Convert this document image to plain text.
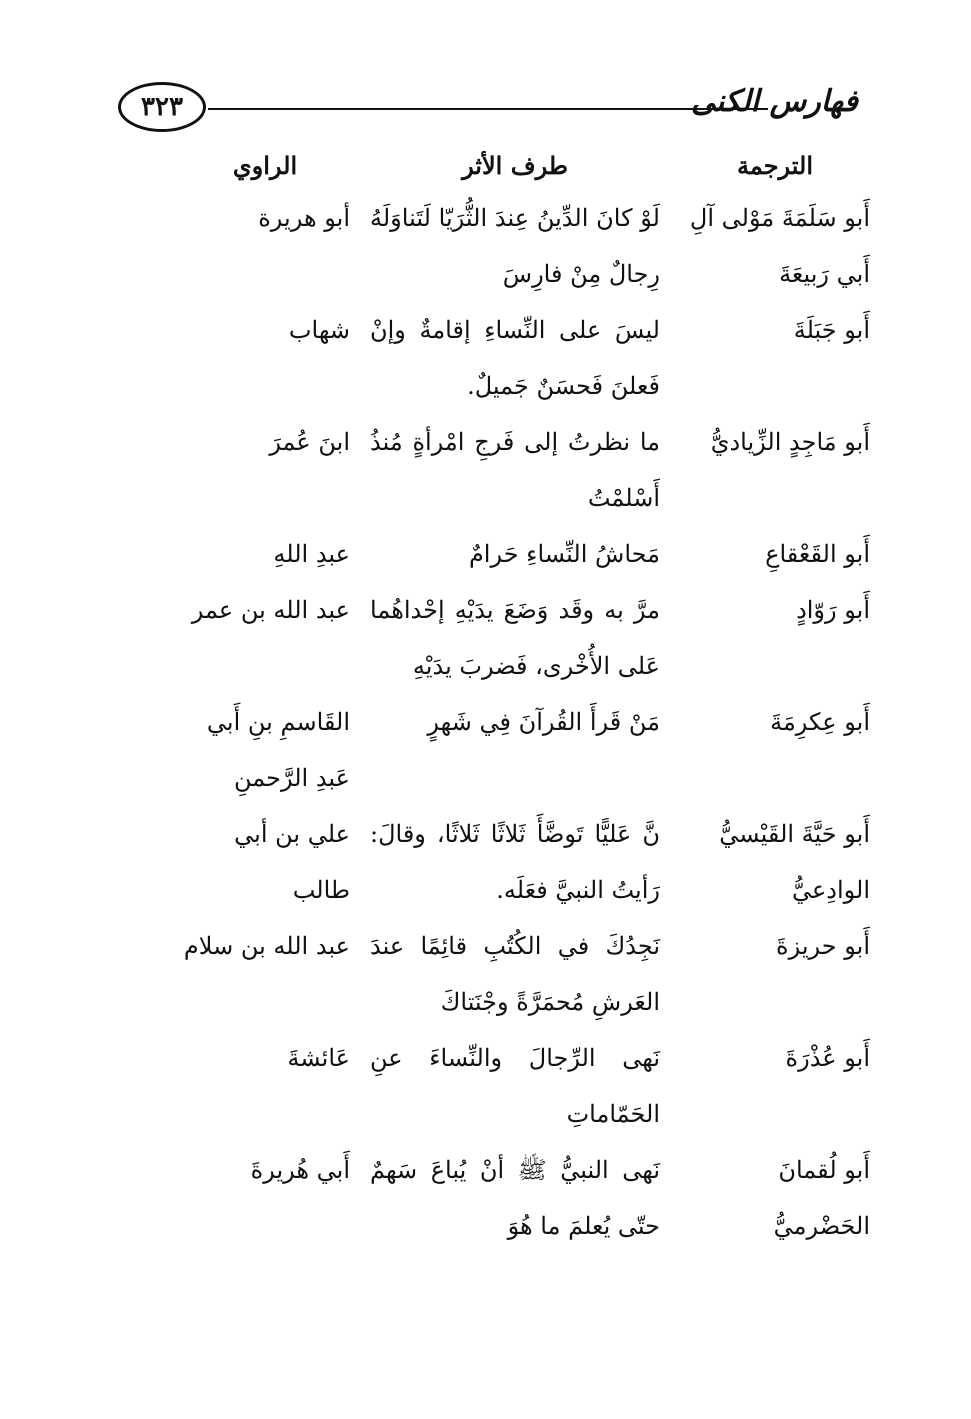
٣٢٣	فهارس الكنى
الترجمة
طرف الأثر
الراوي
أَبو سَلَمَةَ مَوْلى آلِ أَبي رَبيعَةَ
لَوْ كانَ الدِّينُ عِندَ الثُّرَيّا لَتَناوَلَهُ رِجالٌ مِنْ فارِسَ
أبو هريرة
أَبو جَبَلَةَ
ليسَ على النِّساءِ إقامةٌ وإنْ فَعلنَ فَحسَنٌ جَميلٌ.
شهاب
أَبو مَاجِدٍ الزِّياديُّ
ما نظرتُ إلى فَرجِ امْرأةٍ مُنذُ أَسْلمْتُ
ابنَ عُمرَ
أَبو القَعْقاعِ
مَحاشُ النِّساءِ حَرامٌ
عبدِ اللهِ
أَبو رَوّادٍ
مرَّ به وقَد وَضَعَ يدَيْهِ إحْداهُما عَلى الأُخْرى، فَضربَ يدَيْهِ
عبد الله بن عمر
أَبو عِكرِمَةَ
مَنْ قَرأَ القُرآنَ فِي شَهرٍ
القَاسمِ بنِ أَبي عَبدِ الرَّحمنِ
أَبو حَيَّةَ القَيْسيُّ الوادِعيُّ
نَّ عَليًّا تَوضَّأَ ثَلاثًا ثَلاثًا، وقالَ: رَأيتُ النبيَّ فعَلَه.
علي بن أبي طالب
أَبو حريزةَ
نَجِدُكَ في الكُتُبِ قائِمًا عندَ العَرشِ مُحمَرَّةً وجْنَتاكَ
عبد الله بن سلام
أَبو عُذْرَةَ
نَهى الرِّجالَ والنِّساءَ عنِ الحَمّاماتِ
عَائشةَ
أَبو لُقمانَ الحَضْرميُّ
نَهى النبيُّ ﷺ أنْ يُباعَ سَهمٌ حتّى يُعلمَ ما هُوَ
أَبي هُريرةَ
